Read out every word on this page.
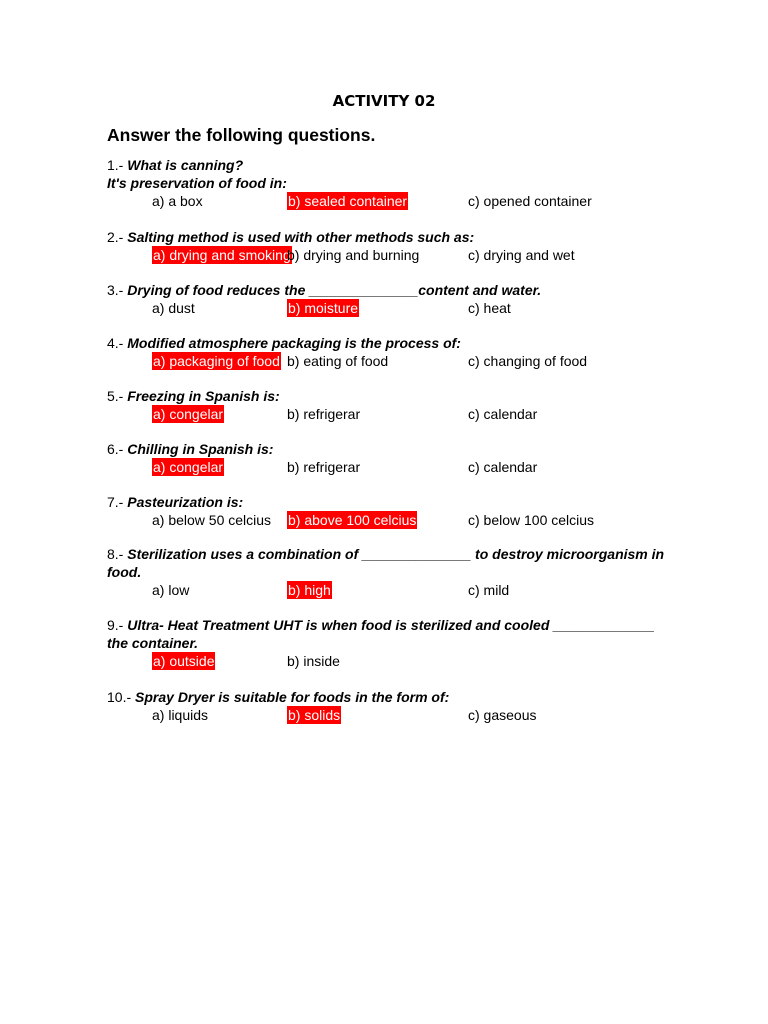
ACTIVITY 02
Answer the following questions.
1.- What is canning?
It's preservation of food in:
a) a box	b) sealed container	c) opened container
2.- Salting method is used with other methods such as:
a) drying and smoking
b) drying and burning	c) drying and wet
3.- Drying of food reduces the ______________content and water.
a) dust	b) moisture	c) heat
4.- Modified atmosphere packaging is the process of:
a) packaging of food b) eating of food	c) changing of food
5.- Freezing in Spanish is:
a) congelar	b) refrigerar	c) calendar
6.- Chilling in Spanish is:
a) congelar	b) refrigerar	c) calendar
7.- Pasteurization is:
a) below 50 celcius b) above 100 celcius	c) below 100 celcius
8.- Sterilization uses a combination of ______________ to destroy microorganism in
food.
a) low	b) high	c) mild
9.- Ultra- Heat Treatment UHT is when food is sterilized and cooled _____________
the container.
a) outside	b) inside
10.- Spray Dryer is suitable for foods in the form of:
a) liquids	b) solids	c) gaseous
